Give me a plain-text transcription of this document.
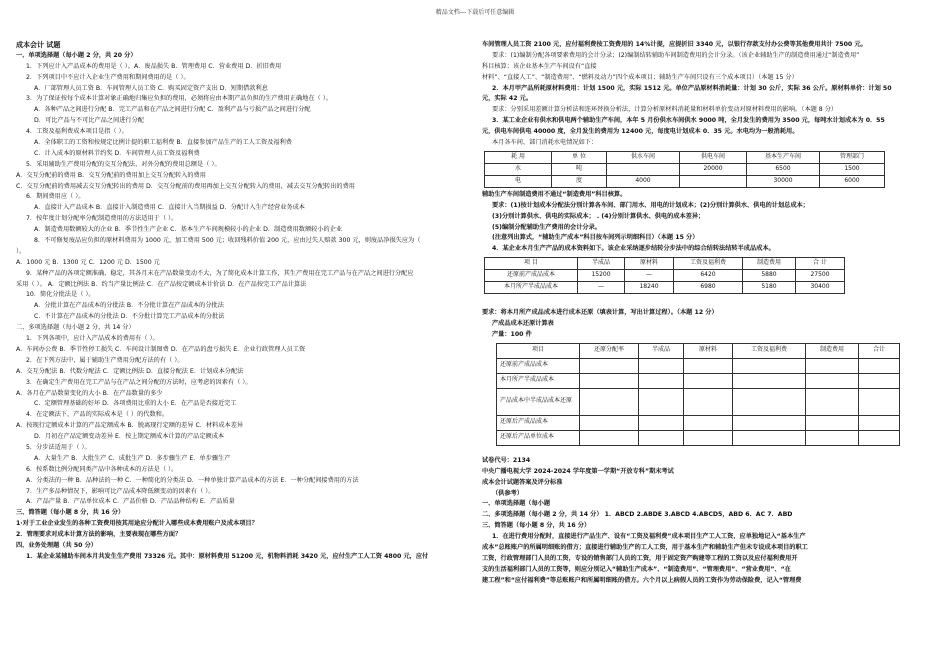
精品文档---下载后可任意编辑
成本会计 试题
一、单项选择题（每小题 2 分，共 20 分）
1．下列应计入产品成本的费用是（ ）。A．废品损失 B．管理费用 C．营业费用 D．折旧费用
2．下列项目中不应计入企业生产费用和期间费用的是（ ）。
A．厂部管理人员工资 B．车间管理人员工资 C．购买固定资产支出 D．短期借款利息
3．为了保证按每个成本计算对象正确地归集应负担的费用，必须将应由本期产品负担的生产费用正确地在（ ）。
A．各种产品之间进行分配 B．完工产品和在产品之间进行分配 C．盈利产品与亏损产品之间进行分配
D．可比产品与不可比产品之间进行分配
4．工资及福利费成本项目是指（ ）。
A．全体职工的工资和按规定比例计提的职工福利费 B．直接参加产品生产的工人工资及福利费
C．计入成本的原材料节约奖 D．车间管理人员工资及福利费
5．采用辅助生产费用分配的交互分配法，对外分配的费用总额是（ ）。
A．交互分配前的费用 B．交互分配前的费用加上交互分配转入的费用
C．交互分配前的费用减去交互分配转出的费用 D．交互分配前的费用再加上交互分配转入的费用，减去交互分配转出的费用
6．期间费用应（ ）。
A．直接计入产品成本 B．直接计入制造费用 C．直接计入当期损益 D．分配计入生产经营业务成本
7．按年度计划分配率分配制造费用的方法适用于（ ）。
A．制造费用数额较大的企业 B．季节性生产企业 C．基本生产车间规模较小的企业 D．制造费用数额较小的企业
8．不可修复废品应负担的原材料费用为 1000 元，加工费用 500 元；收回残料价值 200 元，应由过失人赔款 300 元，则废品净损失应为（
）。
A．1000 元 B．1300 元 C．1200 元 D．1500 元
9．某种产品的各项定额准确、稳定，其各月末在产品数量变动不大，为了简化成本计算工作，其生产费用在完工产品与在产品之间进行分配应
采用（ ）。 A．定额比例法 B．约当产量比例法 C．在产品按定额成本计价法 D．在产品按完工产品计算法
10．简化分批法是（ ）。
A．分批计算在产品成本的分批法 B．不分批计算在产品成本的分批法
C．不计算在产品成本的分批法 D．不分批计算完工产品成本的分批法
二、多项选择题（每小题 2 分，共 14 分）
1．下列各项中，应计入产品成本的费用有（ ）。
A．车间办公费 B．季节性停工损失 C．车间设计制图费 D．在产品的盘亏损失 E．企业行政管理人员工资
2．在下列方法中，属于辅助生产费用分配方法的有（ ）。
A．交互分配法 B．代数分配法 C．定额比例法 D．直接分配法 E．计划成本分配法
3．在确定生产费用在完工产品与在产品之间分配的方法时，应考虑的因素有（ ）。
A．各月在产品数量变化的大小 B．在产品数量的多少
C．定额管理基础的好坏 D．各项费用比重的大小 E．在产品是否接近完工
4．在定额法下，产品的实际成本是（ ）的代数和。
A．按现行定额成本计算的产品定额成本 B．脱离现行定额的差异 C．材料成本差异
D．月初在产品定额变动差异 E．按上期定额成本计算的产品定额成本
5．分步法适用于（ ）。
A．大量生产 B．大批生产 C．成批生产 D．多步骤生产 E．单步骤生产
6．按系数比例分配同类产品中各种成本的方法是（ ）。
A．分类法的一种 B．品种法的一种 C．一种简化的分类法 D．一种单独计算产品成本的方法 E．一种分配间接费用的方法
7．生产多品种情况下，影响可比产品成本降低额变动的因素有（ ）。
A．产品产量 B．产品单位成本 C．产品价格 D．产品品种结构 E．产品质量
三、简答题（每小题 8 分，共 16 分）
1·对于工业企业发生的各种工资费用按其用途应分配计入哪些成本费用账户及成本项目？
2．管理要求对成本计算方法的影响，主要表现在哪些方面？
四、业务处理题（共 50 分）
1．某企业某辅助车间本月共发生生产费用 73326 元。其中：原材料费用 51200 元，机物料消耗 3420 元，应付生产工人工资 4800 元，应付
车间管理人员工资 2100 元，应付福利费按工资费用的 14%计提，应提折旧 3340 元，以银行存款支付办公费等其他费用共计 7500 元。
要求：(1)编制分配各项要素费用的会计分录；(2)编制结转辅助车间制造费用的会计分录。（该企业辅助生产的制造费用通过“制造费用”
科目核算；该企业基本生产车间设有“直接
材料”、“直接人工”、“制造费用”、“燃料及动力”四个成本项目；辅助生产车间只设有三个成本项目）（本题 15 分）
2．本月甲产品所耗原材料费用：计划 1500 元，实际 1512 元。单位产品原材料消耗量：计划 30 公斤，实际 36 公斤。原材料单价：计划 50
元，实际 42 元。
要求：分别采用差额计算分析法和连环替换分析法，计算分析原材料消耗量和材料单价变动对原材料费用的影响。（本题 8 分）
3．某工业企业有供水和供电两个辅助生产车间，本年 5 月份供水车间供水 9000 吨，全月发生的费用为 3500 元，每吨水计划成本为 0．55
元，供电车间供电 40000 度，全月发生的费用为 12400 元，每度电计划成本 0．35 元。水电均为一般消耗用。
本月各车间、部门消耗水电情况如下：
耗 用	单 位	供水车间	供电车间	基本生产车间	管理部门
水	吨		20000	6500	1500
电	度	4000		30000	6000
辅助生产车间制造费用不通过“制造费用”科目核算。
要求：(1)按计划成本分配法分别计算各车间、部门用水、用电的计划成本；(2)分别计算供水、供电的计划总成本；
(3)分别计算供水、供电的实际成本； . (4)分别计算供水、供电的成本差异；
(5)编制分配辅助生产费用的会计分录。
(注意列出算式，“辅助生产成本”科目按车间列示明细科目）（本题 15 分）
4．某企业本月生产产品的成本资料如下。该企业采纳逐步结转分步法中的综合结转法结转半成品成本。
项 目	半成品	原材料	工资及福利费	制造费用	合 计
还原前产成品成本	15200	—	6420	5880	27500
本月所产半成品成本	—	18240	6980	5180	30400
要求：将本月所产成品成本进行成本还原（填表计算，写出计算过程）。（本题 12 分）
产成品成本还原计算表
产量：100 件
项目	还原分配率	半成品	原材料	工资及福利费	制造费用	合计
还原前产成品成本						
本月所产半成品成本						
产品成本中半成品成本还原						
还原后产成品成本						
还原后产品单位成本						
试卷代号：2134
中央广播电视大学 2024-2024 学年度第一学期“开放专科”期末考试
成本会计试题答案及评分标准
（供参考）
一、单项选择题（每小题
二、多项选择题（每小题 2 分，共 14 分） 1．ABCD 2.ABDE 3.ABCD 4.ABCD5，ABD 6．AC 7．ABD
三、简答题（每小题 8 分，共 16 分）
1．在进行费用分配时，直接进行产品生产、设有“工资及福利费”成本项目生产工人工资，应单独地记入“基本生产
成本”总账账户的所属明细账的借方；直接进行辅助生产的工人工资，用于基本生产和辅助生产但未专设成本项目的职工
工资，行政管理部门人员的工资，专设的销售部门人员的工资，用于固定资产购建等工程的工资以及应付福利费用开
支的生活福利部门人员的工资等，则应分别记入“辅助生产成本”、“制造费用”、“管理费用”、“营业费用”、“在
建工程”和“应付福利费”等总账账户和所属明细账的借方。六个月以上病假人员的工资作为劳动保险费，记入“管理费
